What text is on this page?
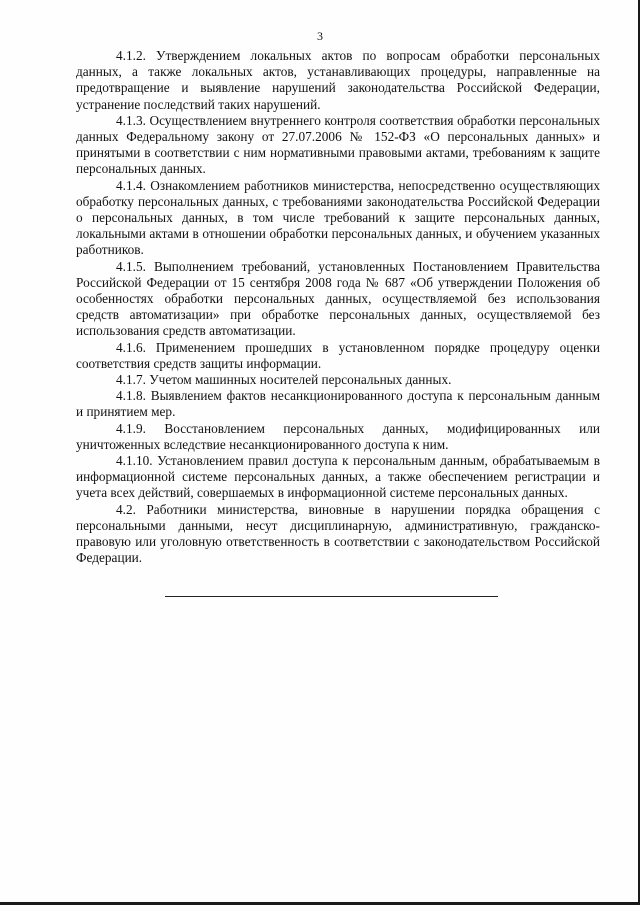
3

4.1.2. Утверждением локальных актов по вопросам обработки персональных данных, а также локальных актов, устанавливающих процедуры, направленные на предотвращение и выявление нарушений законодательства Российской Федерации, устранение последствий таких нарушений.

4.1.3. Осуществлением внутреннего контроля соответствия обработки персональных данных Федеральному закону от 27.07.2006 № 152-ФЗ «О персональных данных» и принятыми в соответствии с ним нормативными правовыми актами, требованиям к защите персональных данных.

4.1.4. Ознакомлением работников министерства, непосредственно осуществляющих обработку персональных данных, с требованиями законодательства Российской Федерации о персональных данных, в том числе требований к защите персональных данных, локальными актами в отношении обработки персональных данных, и обучением указанных работников.

4.1.5. Выполнением требований, установленных Постановлением Правительства Российской Федерации от 15 сентября 2008 года № 687 «Об утверждении Положения об особенностях обработки персональных данных, осуществляемой без использования средств автоматизации» при обработке персональных данных, осуществляемой без использования средств автоматизации.

4.1.6. Применением прошедших в установленном порядке процедуру оценки соответствия средств защиты информации.

4.1.7. Учетом машинных носителей персональных данных.

4.1.8. Выявлением фактов несанкционированного доступа к персональным данным и принятием мер.

4.1.9. Восстановлением персональных данных, модифицированных или уничтоженных вследствие несанкционированного доступа к ним.

4.1.10. Установлением правил доступа к персональным данным, обрабатываемым в информационной системе персональных данных, а также обеспечением регистрации и учета всех действий, совершаемых в информационной системе персональных данных.

4.2. Работники министерства, виновные в нарушении порядка обращения с персональными данными, несут дисциплинарную, административную, гражданско-правовую или уголовную ответственность в соответствии с законодательством Российской Федерации.
